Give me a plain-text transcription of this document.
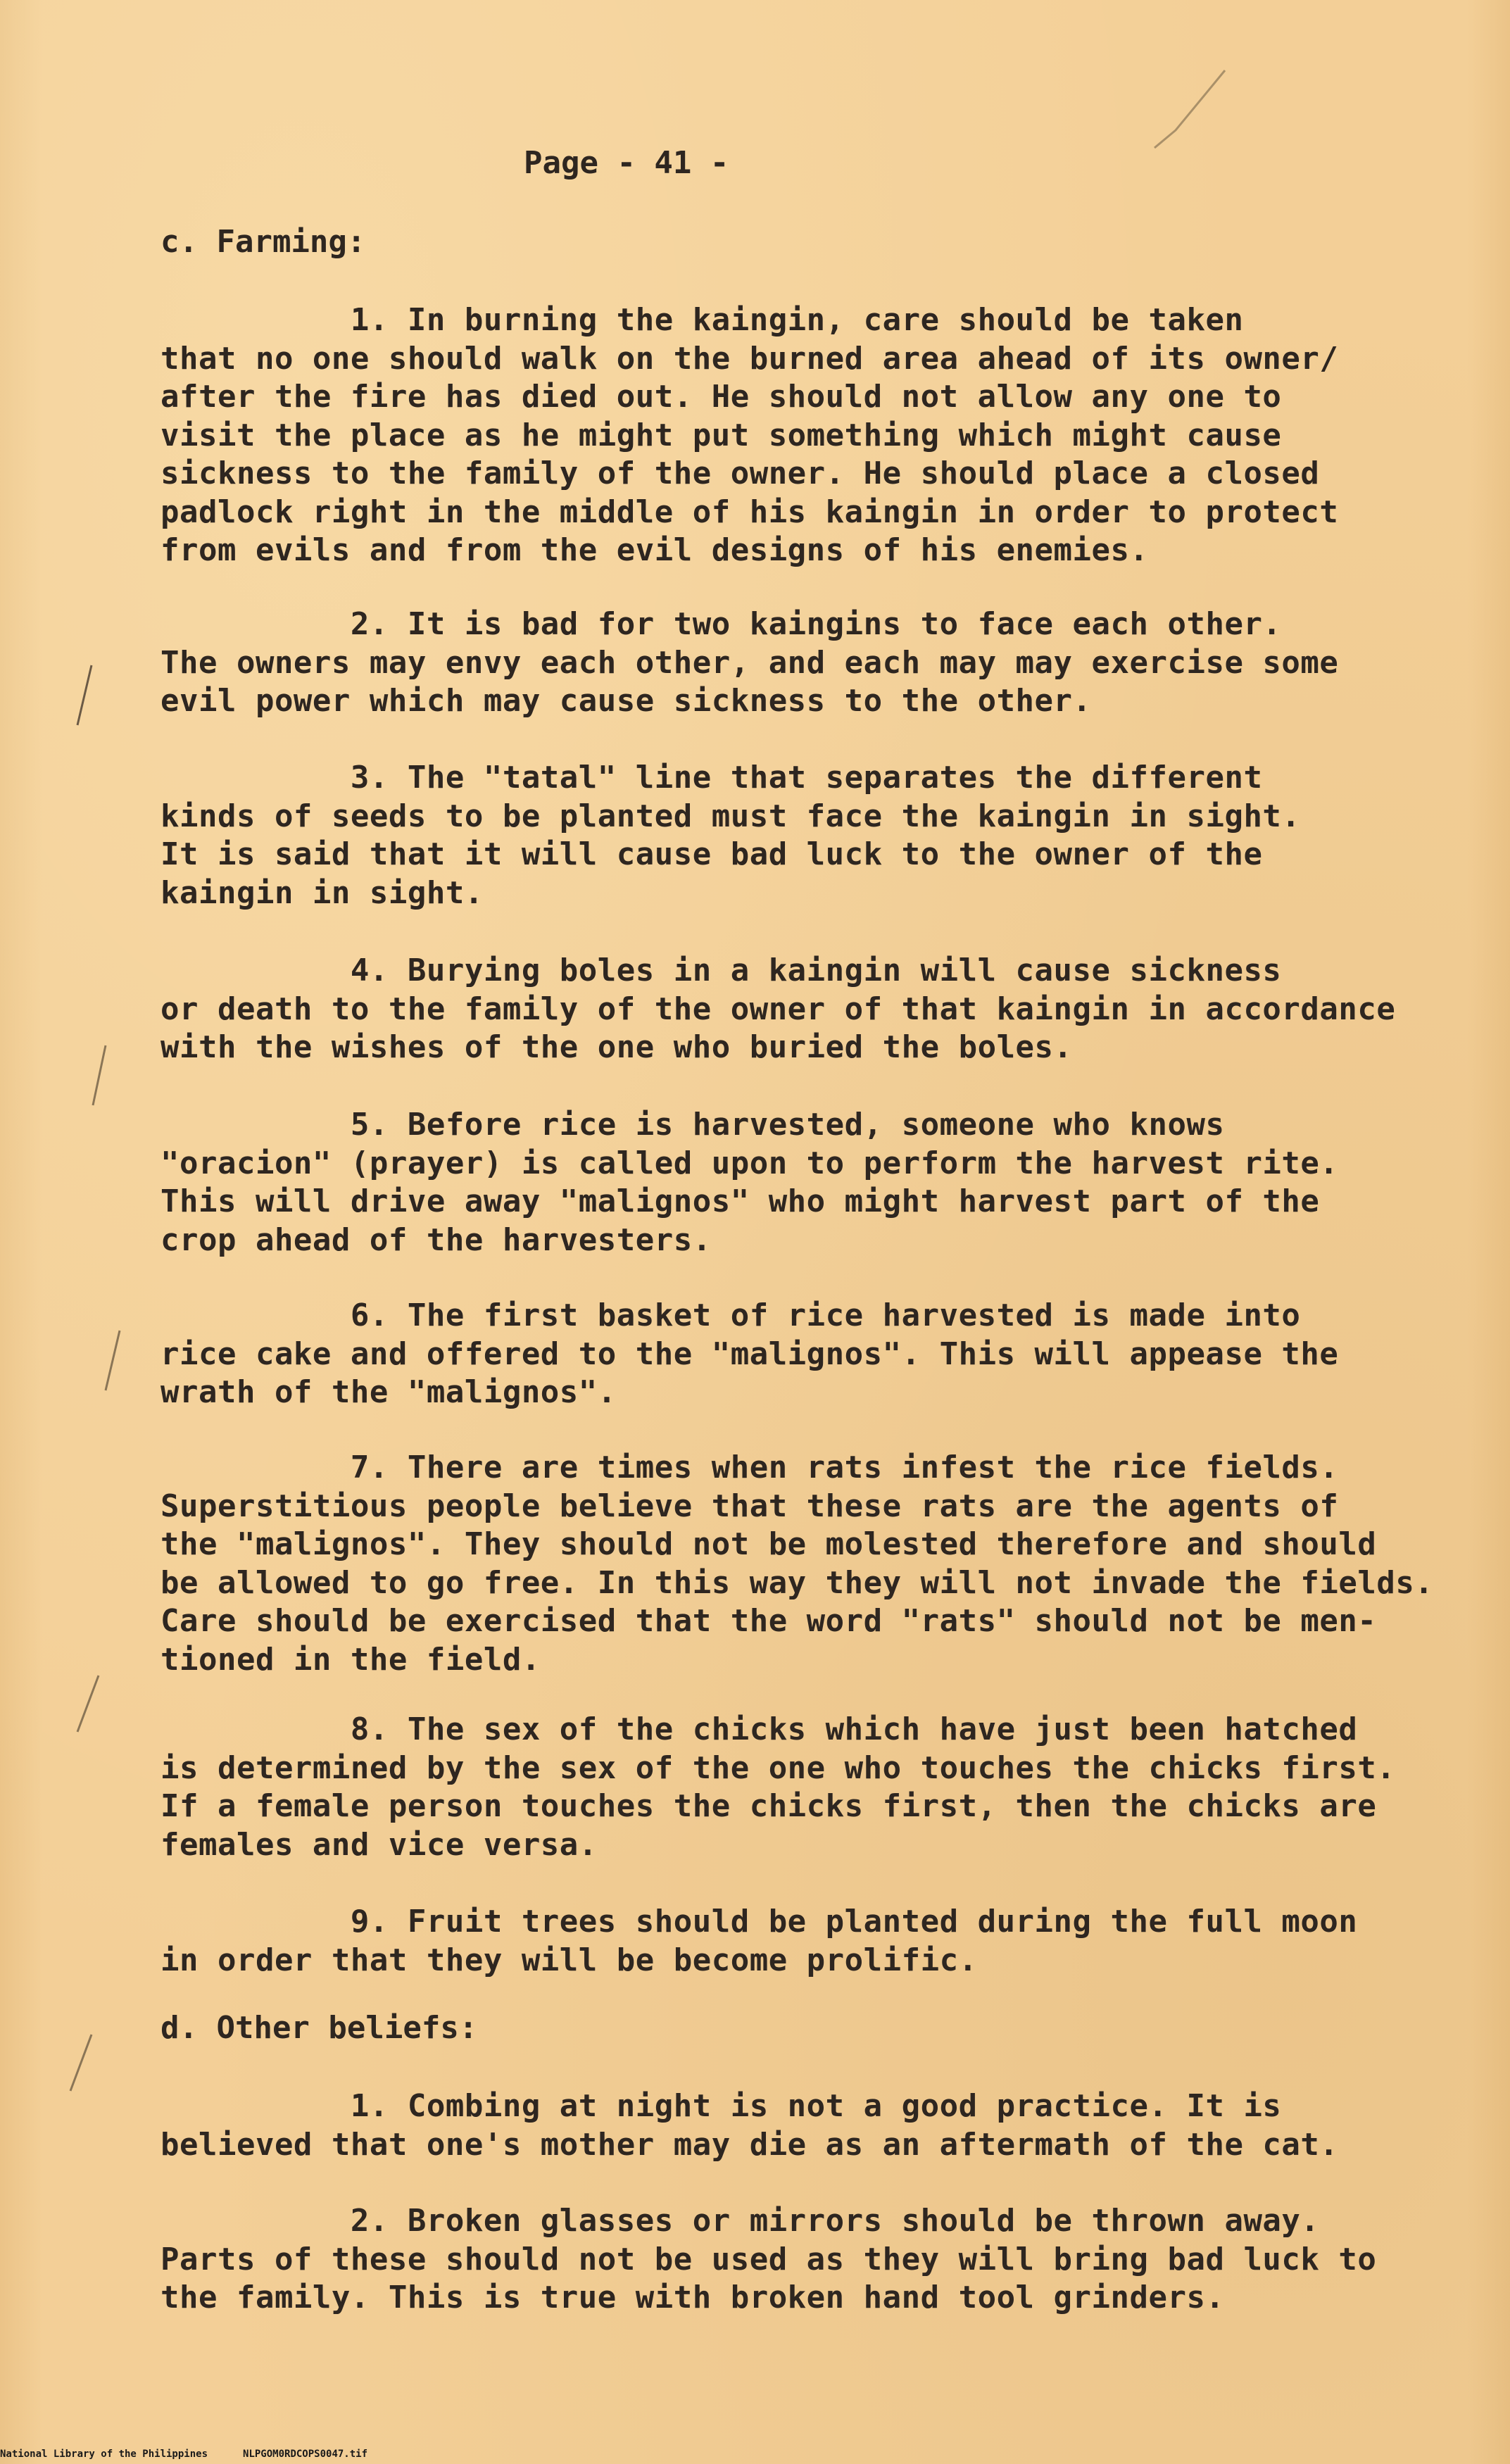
Page - 41 -
c. Farming:
1. In burning the kaingin, care should be taken
that no one should walk on the burned area ahead of its owner/
after the fire has died out. He should not allow any one to
visit the place as he might put something which might cause
sickness to the family of the owner. He should place a closed
padlock right in the middle of his kaingin in order to protect
from evils and from the evil designs of his enemies.
2. It is bad for two kaingins to face each other.
The owners may envy each other, and each may may exercise some
evil power which may cause sickness to the other.
3. The "tatal" line that separates the different
kinds of seeds to be planted must face the kaingin in sight.
It is said that it will cause bad luck to the owner of the
kaingin in sight.
4. Burying boles in a kaingin will cause sickness
or death to the family of the owner of that kaingin in accordance
with the wishes of the one who buried the boles.
5. Before rice is harvested, someone who knows
"oracion" (prayer) is called upon to perform the harvest rite.
This will drive away "malignos" who might harvest part of the
crop ahead of the harvesters.
6. The first basket of rice harvested is made into
rice cake and offered to the "malignos". This will appease the
wrath of the "malignos".
7. There are times when rats infest the rice fields.
Superstitious people believe that these rats are the agents of
the "malignos". They should not be molested therefore and should
be allowed to go free. In this way they will not invade the fields.
Care should be exercised that the word "rats" should not be men-
tioned in the field.
8. The sex of the chicks which have just been hatched
is determined by the sex of the one who touches the chicks first.
If a female person touches the chicks first, then the chicks are
females and vice versa.
9. Fruit trees should be planted during the full moon
in order that they will be become prolific.
d. Other beliefs:
1. Combing at night is not a good practice. It is
believed that one's mother may die as an aftermath of the cat.
2. Broken glasses or mirrors should be thrown away.
Parts of these should not be used as they will bring bad luck to
the family. This is true with broken hand tool grinders.
National Library of the Philippines	NLPGOM0RDCOPS0047.tif
